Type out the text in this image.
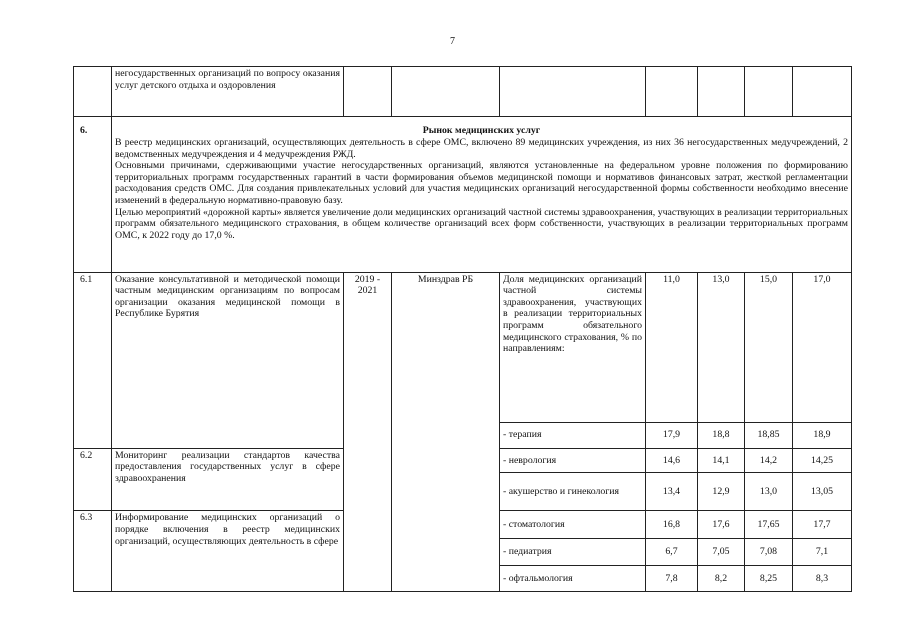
7
	негосударственных организаций по вопросу оказания услуг детского отдыха и оздоровления							
6.	Рынок медицинских услуг

В реестр медицинских организаций, осуществляющих деятельность в сфере ОМС, включено 89 медицинских учреждения, из них 36 негосударственных медучреждений, 2 ведомственных медучреждения и 4 медучреждения РЖД.

Основными причинами, сдерживающими участие негосударственных организаций, являются установленные на федеральном уровне положения по формированию территориальных программ государственных гарантий в части формирования объемов медицинской помощи и нормативов финансовых затрат, жесткой регламентации расходования средств ОМС. Для создания привлекательных условий для участия медицинских организаций негосударственной формы собственности необходимо внесение изменений в федеральную нормативно-правовую базу.

Целью мероприятий «дорожной карты» является увеличение доли медицинских организаций частной системы здравоохранения, участвующих в реализации территориальных программ обязательного медицинского страхования, в общем количестве организаций всех форм собственности, участвующих в реализации территориальных программ ОМС, к 2022 году до 17,0 %.							

6.1	Оказание консультативной и методической помощи частным медицинским организациям по вопросам организации оказания медицинской помощи в Республике Бурятия	2019 - 2021	Минздрав РБ	Доля медицинских организаций частной системы здравоохранения, участвующих в реализации территориальных программ обязательного медицинского страхования, % по направлениям:	11,0	13,0	15,0	17,0
				- терапия	17,9	18,8	18,85	18,9
6.2	Мониторинг реализации стандартов качества предоставления государственных услуг в сфере здравоохранения			- неврология	14,6	14,1	14,2	14,25
				- акушерство и гинекология	13,4	12,9	13,0	13,05
6.3	Информирование медицинских организаций о порядке включения в реестр медицинских организаций, осуществляющих деятельность в сфере			- стоматология	16,8	17,6	17,65	17,7
				- педиатрия	6,7	7,05	7,08	7,1
				- офтальмология	7,8	8,2	8,25	8,3
